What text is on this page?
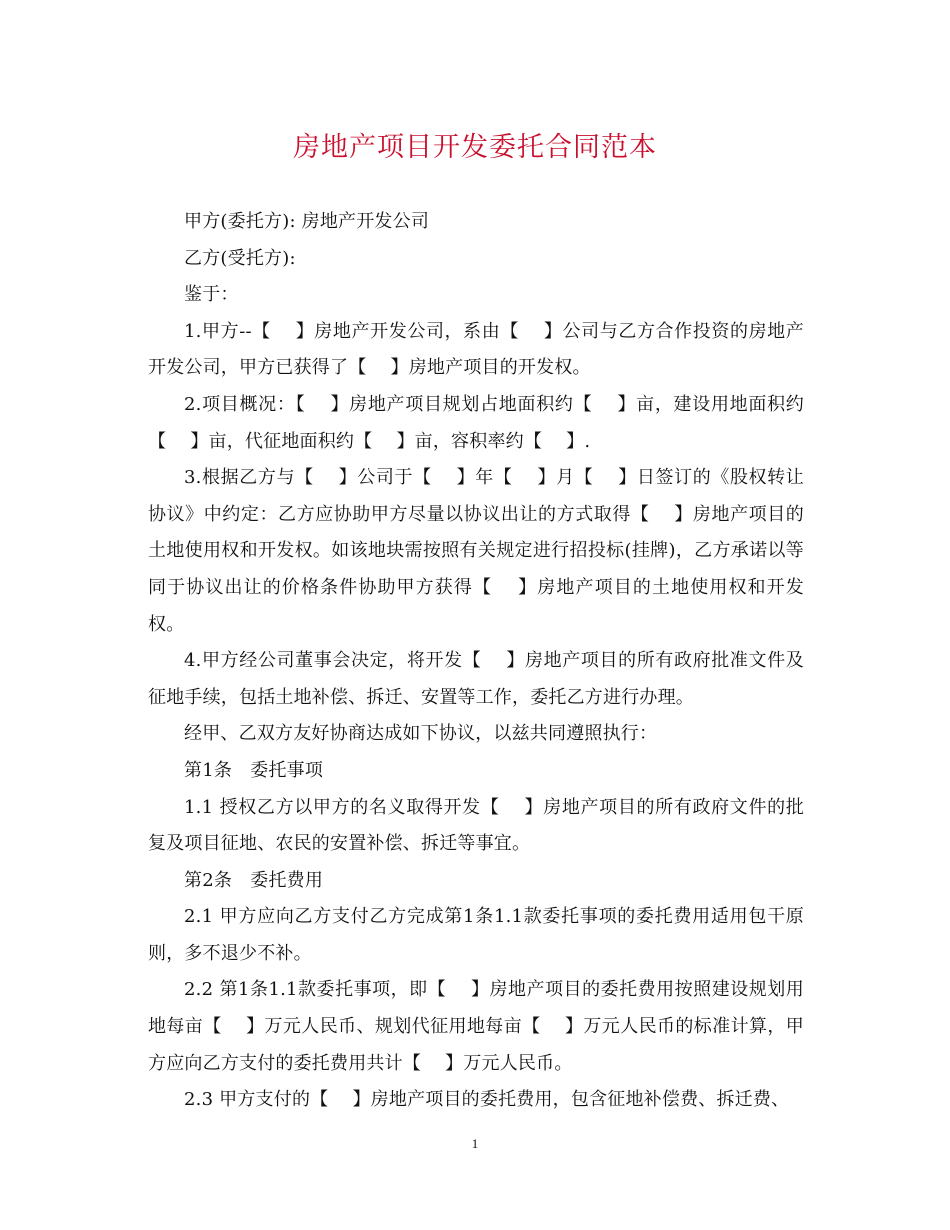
房地产项目开发委托合同范本

甲方(委托方): 房地产开发公司

乙方(受托方):

鉴于：

1.甲方--【　 】房地产开发公司，系由【　 】公司与乙方合作投资的房地产开发公司，甲方已获得了【　 】房地产项目的开发权。

2.项目概况：【　 】房地产项目规划占地面积约【　 】亩，建设用地面积约【　 】亩，代征地面积约【　 】亩，容积率约【　 】.

3.根据乙方与【　 】公司于【　 】年【　 】月【　 】日签订的《股权转让协议》中约定：乙方应协助甲方尽量以协议出让的方式取得【　 】房地产项目的土地使用权和开发权。如该地块需按照有关规定进行招投标(挂牌)，乙方承诺以等同于协议出让的价格条件协助甲方获得【　 】房地产项目的土地使用权和开发权。

4.甲方经公司董事会决定，将开发【　 】房地产项目的所有政府批准文件及征地手续，包括土地补偿、拆迁、安置等工作，委托乙方进行办理。

经甲、乙双方友好协商达成如下协议，以兹共同遵照执行：

第1条　委托事项

1.1 授权乙方以甲方的名义取得开发【　 】房地产项目的所有政府文件的批复及项目征地、农民的安置补偿、拆迁等事宜。

第2条　委托费用

2.1 甲方应向乙方支付乙方完成第1条1.1款委托事项的委托费用适用包干原则，多不退少不补。

2.2 第1条1.1款委托事项，即【　 】房地产项目的委托费用按照建设规划用地每亩【　 】万元人民币、规划代征用地每亩【　 】万元人民币的标准计算，甲方应向乙方支付的委托费用共计【　 】万元人民币。

2.3 甲方支付的【　 】房地产项目的委托费用，包含征地补偿费、拆迁费、

1
